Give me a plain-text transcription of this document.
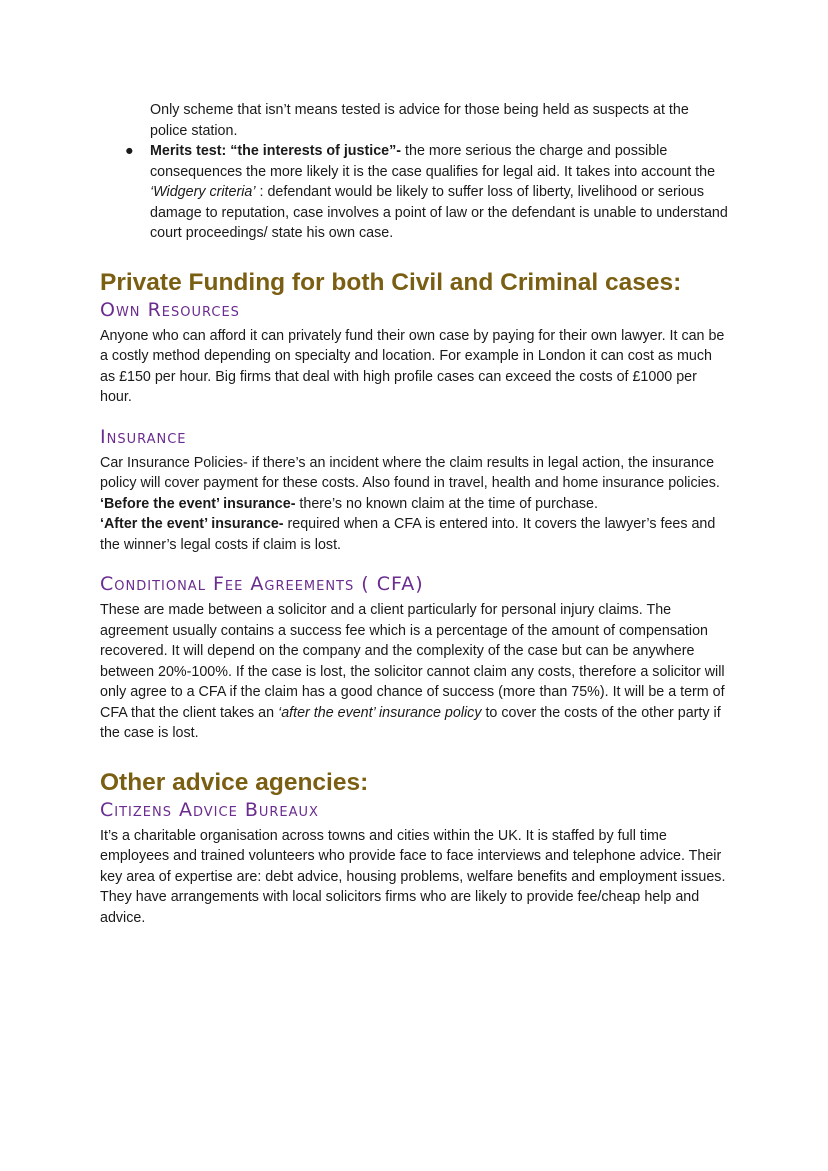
Only scheme that isn’t means tested is advice for those being held as suspects at the police station.

● Merits test: “the interests of justice”- the more serious the charge and possible consequences the more likely it is the case qualifies for legal aid. It takes into account the ‘Widgery criteria’ : defendant would be likely to suffer loss of liberty, livelihood or serious damage to reputation, case involves a point of law or the defendant is unable to understand court proceedings/ state his own case.
Private Funding for both Civil and Criminal cases:
Own Resources

Anyone who can afford it can privately fund their own case by paying for their own lawyer. It can be a costly method depending on specialty and location. For example in London it can cost as much as £150 per hour. Big firms that deal with high profile cases can exceed the costs of £1000 per hour.

Insurance

Car Insurance Policies- if there’s an incident where the claim results in legal action, the insurance policy will cover payment for these costs. Also found in travel, health and home insurance policies.

‘Before the event’ insurance- there’s no known claim at the time of purchase.

‘After the event’ insurance- required when a CFA is entered into. It covers the lawyer’s fees and the winner’s legal costs if claim is lost.

Conditional Fee Agreements ( CFA)

These are made between a solicitor and a client particularly for personal injury claims. The agreement usually contains a success fee which is a percentage of the amount of compensation recovered. It will depend on the company and the complexity of the case but can be anywhere between 20%-100%. If the case is lost, the solicitor cannot claim any costs, therefore a solicitor will only agree to a CFA if the claim has a good chance of success (more than 75%). It will be a term of CFA that the client takes an ‘after the event’ insurance policy to cover the costs of the other party if the case is lost.

Other advice agencies:
Citizens Advice Bureaux

It’s a charitable organisation across towns and cities within the UK. It is staffed by full time employees and trained volunteers who provide face to face interviews and telephone advice. Their key area of expertise are: debt advice, housing problems, welfare benefits and employment issues. They have arrangements with local solicitors firms who are likely to provide fee/cheap help and advice.
